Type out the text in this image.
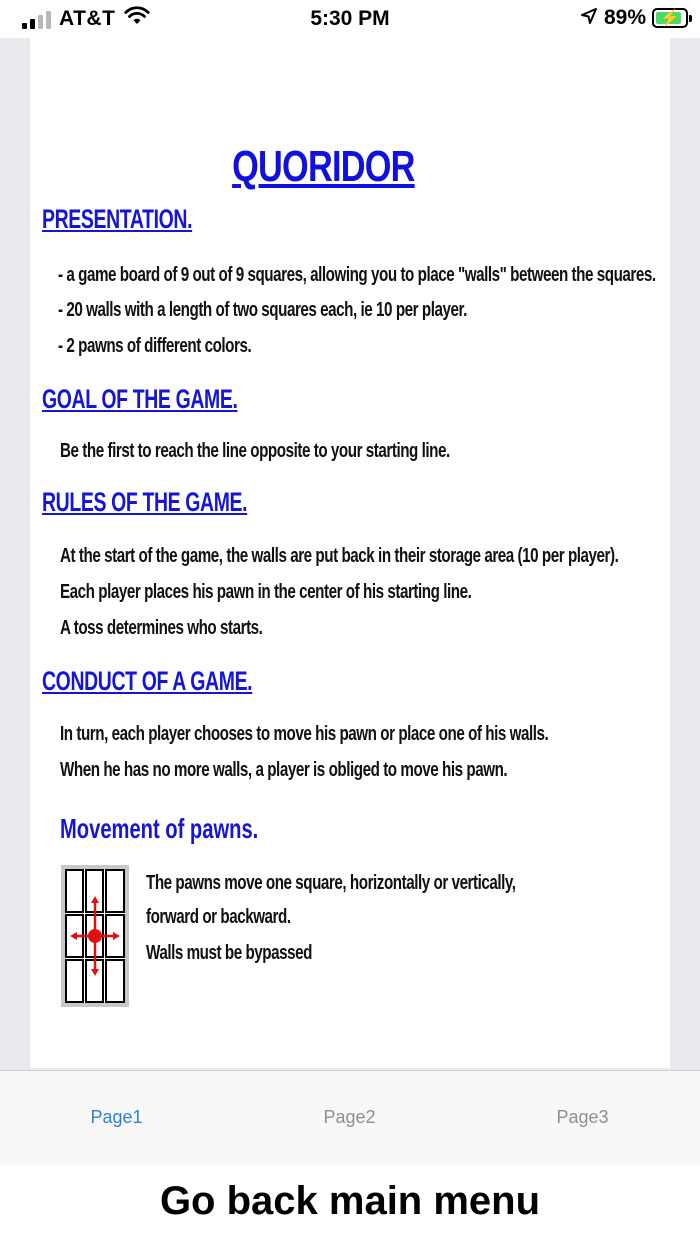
AT&T	5:30 PM	89% ⚡
QUORIDOR
PRESENTATION.
- a game board of 9 out of 9 squares, allowing you to place "walls" between the squares.
- 20 walls with a length of two squares each, ie 10 per player.
- 2 pawns of different colors.
GOAL OF THE GAME.
Be the first to reach the line opposite to your starting line.
RULES OF THE GAME.
At the start of the game, the walls are put back in their storage area (10 per player).
Each player places his pawn in the center of his starting line.
A toss determines who starts.
CONDUCT OF A GAME.
In turn, each player chooses to move his pawn or place one of his walls.
When he has no more walls, a player is obliged to move his pawn.
Movement of pawns.
The pawns move one square, horizontally or vertically,
forward or backward.
Walls must be bypassed
Page1	Page2	Page3
Go back main menu
